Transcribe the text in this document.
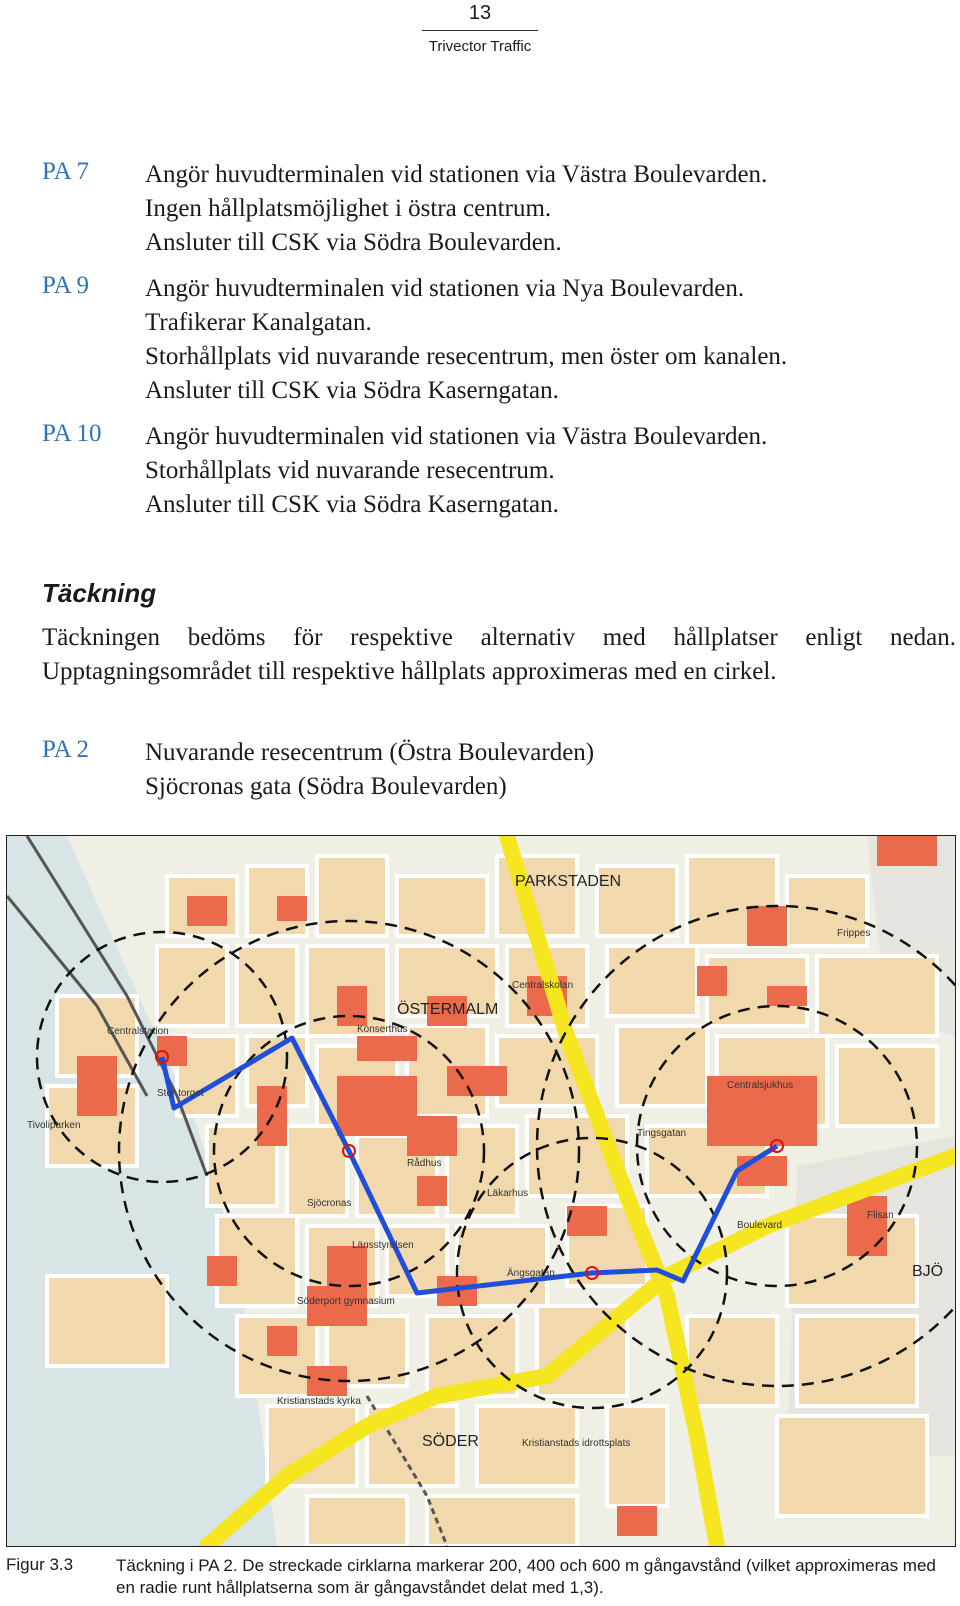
13
Trivector Traffic
PA 7 Angör huvudterminalen vid stationen via Västra Boulevarden.
Ingen hållplatsmöjlighet i östra centrum.
Ansluter till CSK via Södra Boulevarden.
PA 9 Angör huvudterminalen vid stationen via Nya Boulevarden.
Trafikerar Kanalgatan.
Storhållplats vid nuvarande resecentrum, men öster om kanalen.
Ansluter till CSK via Södra Kaserngatan.
PA 10 Angör huvudterminalen vid stationen via Västra Boulevarden.
Storhållplats vid nuvarande resecentrum.
Ansluter till CSK via Södra Kaserngatan.
Täckning
Täckningen bedöms för respektive alternativ med hållplatser enligt nedan.
Upptagningsområdet till respektive hållplats approximeras med en cirkel.
PA 2 Nuvarande resecentrum (Östra Boulevarden)
Sjöcronas gata (Södra Boulevarden)
PARKSTADEN
ÖSTERMALM
SÖDER
BJÖ
Centralstation	Konserthus
Centralskolan
Centralsjukhus
Länsstyrelsen
Kristianstads kyrka
Tivoliparken
Rådhus
Söderport gymnasium
Kristianstads idrottsplats
Flisan
Läkarhus
Ängsgatan
Boulevard
Frippes
Tingsgatan
Sjöcronas
Stor torget
Figur 3.3	Täckning i PA 2. De streckade cirklarna markerar 200, 400 och 600 m gångavstånd (vilket approximeras med en radie runt hållplatserna som är gångavståndet delat med 1,3).
